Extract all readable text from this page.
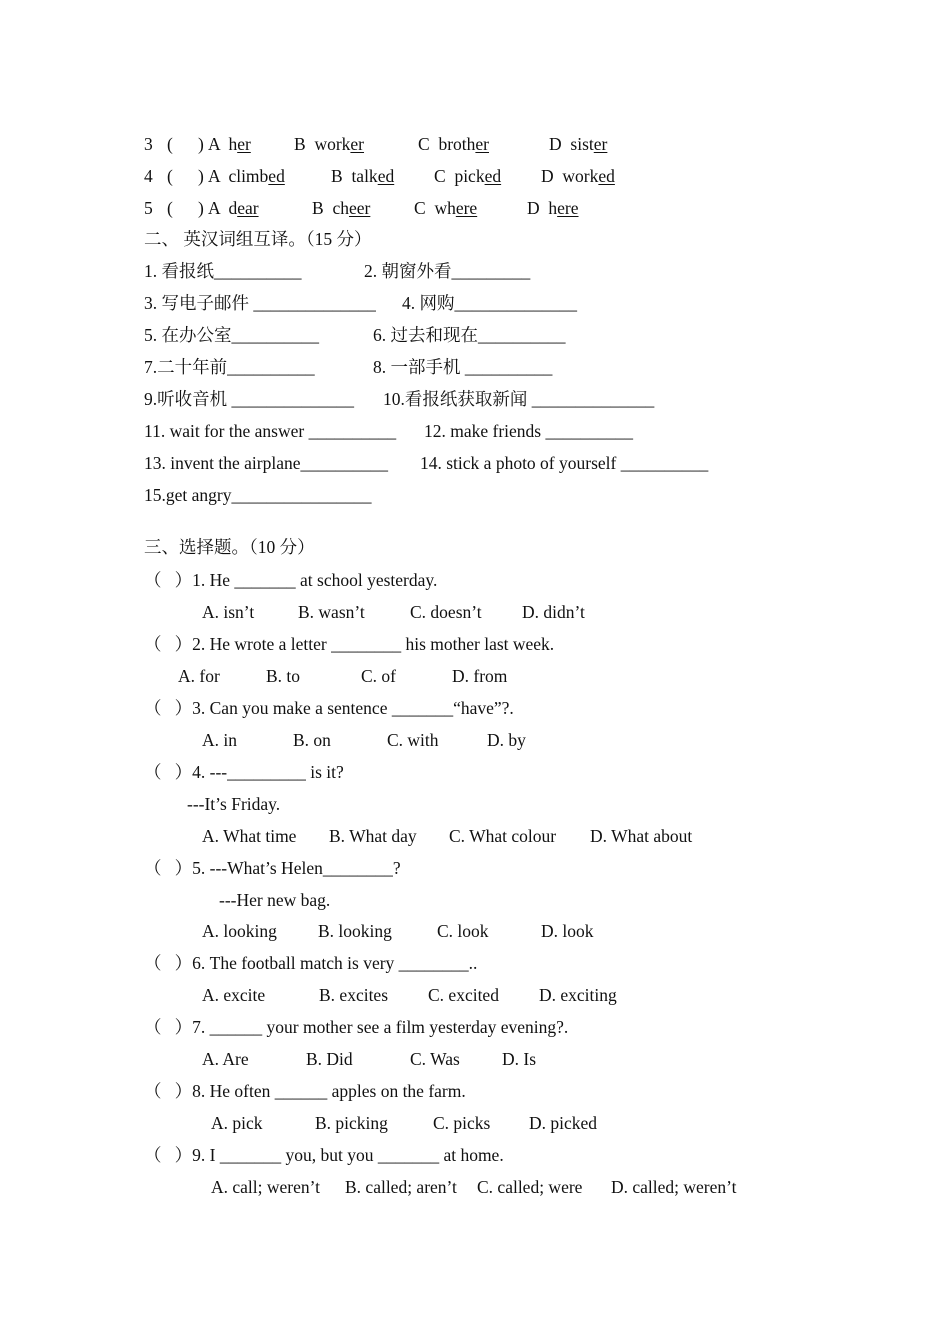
3 ( ) A her B worker	C brother	D sister
4 ( ) A climbed	B talked C picked D worked
5 ( ) A dear	B cheer C where	D here
二、 英汉词组互译。（15 分）
1. 看报纸__________	2. 朝窗外看_________
3. 写电子邮件 ______________ 4. 网购______________
5. 在办公室__________	6. 过去和现在__________
7.二十年前__________	8. 一部手机 __________
9.听收音机 ______________ 10.看报纸获取新闻 ______________
11. wait for the answer __________ 12. make friends __________
13. invent the airplane__________ 14. stick a photo of yourself __________
15.get angry________________
三、选择题。（10 分）
（   ）1. He _______ at school yesterday.
A. isn’t	B. wasn’t	C. doesn’t D. didn’t
（   ）2. He wrote a letter ________ his mother last week.
A. for	B. to	C. of	D. from
（   ）3. Can you make a sentence _______“have”?.
A. in	B. on	C. with	D. by
（   ）4. ---_________ is it?
---It’s Friday.
A. What time B. What day C. What colour D. What about
（   ）5. ---What’s Helen________?
---Her new bag.
A. looking B. looking	C. look	D. look
（   ）6. The football match is very ________..
A. excite	B. excites C. excited D. exciting
（   ）7. ______ your mother see a film yesterday evening?.
A. Are	B. Did	C. Was D. Is
（   ）8. He often ______ apples on the farm.
A. pick	B. picking	C. picks D. picked
（   ）9. I _______ you, but you _______ at home.
A. call; weren’t B. called; aren’t C. called; were D. called; weren’t
